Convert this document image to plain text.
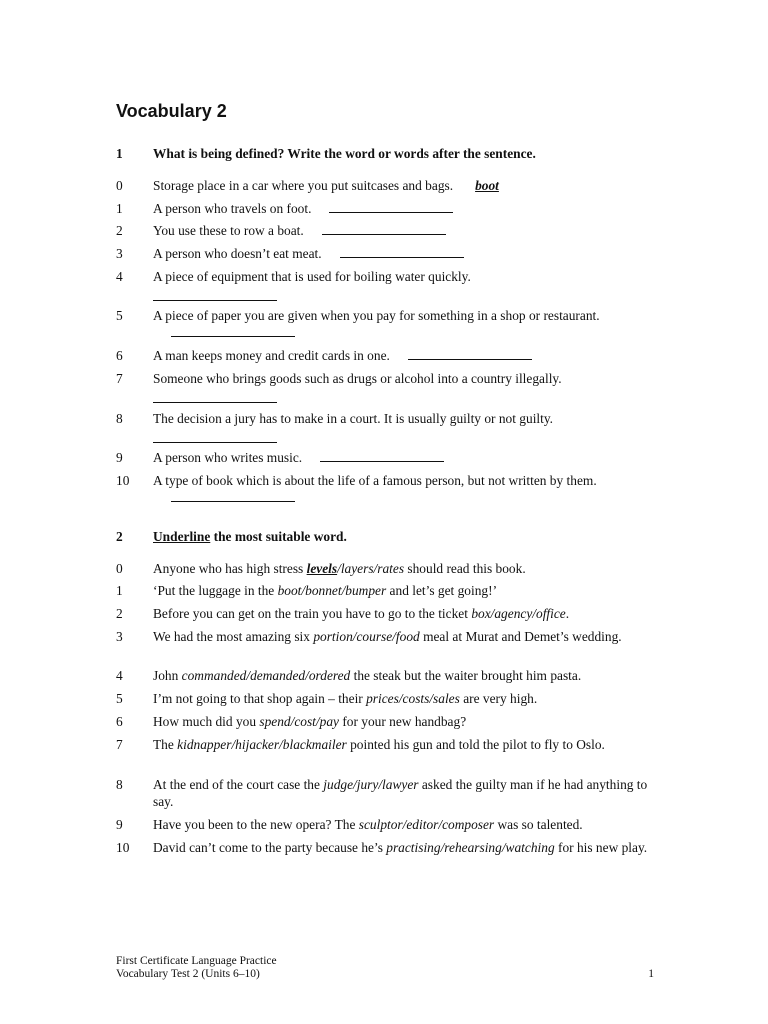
Vocabulary 2
1 What is being defined? Write the word or words after the sentence.
0	Storage place in a car where you put suitcases and bags. boot
1	A person who travels on foot.
2	You use these to row a boat.
3	A person who doesn’t eat meat.
4	A piece of equipment that is used for boiling water quickly.
5	A piece of paper you are given when you pay for something in a shop or restaurant.
6	A man keeps money and credit cards in one.
7	Someone who brings goods such as drugs or alcohol into a country illegally.
8	The decision a jury has to make in a court. It is usually guilty or not guilty.
9	A person who writes music.
10	A type of book which is about the life of a famous person, but not written by them.
2 Underline the most suitable word.
0	Anyone who has high stress levels/layers/rates should read this book.
1	‘Put the luggage in the boot/bonnet/bumper and let’s get going!’
2	Before you can get on the train you have to go to the ticket box/agency/office.
3	We had the most amazing six portion/course/food meal at Murat and Demet’s wedding.
4	John commanded/demanded/ordered the steak but the waiter brought him pasta.
5	I’m not going to that shop again – their prices/costs/sales are very high.
6	How much did you spend/cost/pay for your new handbag?
7	The kidnapper/hijacker/blackmailer pointed his gun and told the pilot to fly to Oslo.
8	At the end of the court case the judge/jury/lawyer asked the guilty man if he had anything to say.
9	Have you been to the new opera? The sculptor/editor/composer was so talented.
10	David can’t come to the party because he’s practising/rehearsing/watching for his new play.
First Certificate Language Practice
Vocabulary Test 2 (Units 6–10)	1
